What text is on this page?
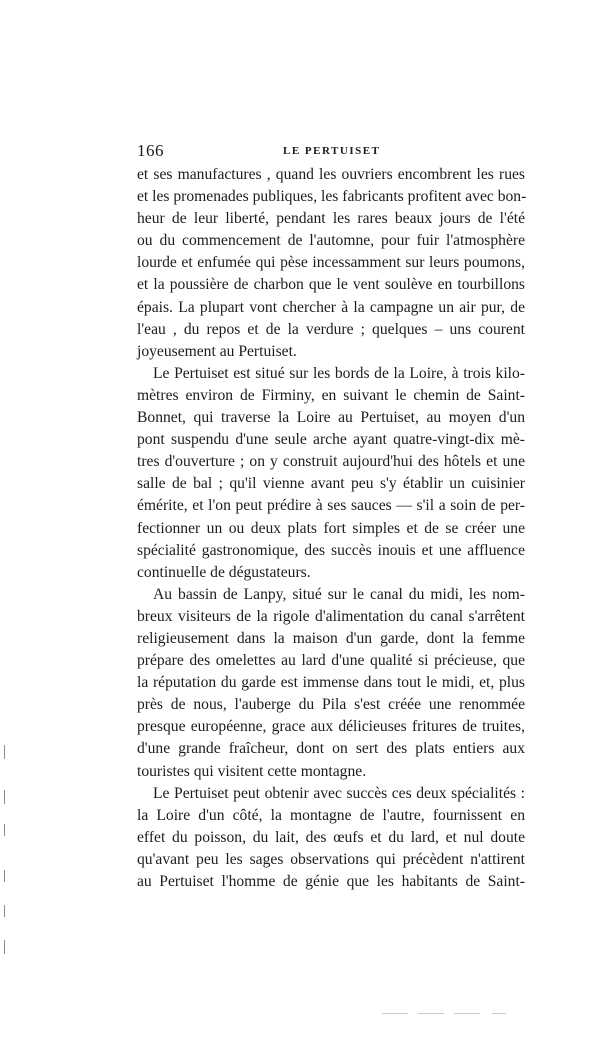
166	LE PERTUISET
et ses manufactures , quand les ouvriers encombrent les rues
et les promenades publiques, les fabricants profitent avec bon-
heur de leur liberté, pendant les rares beaux jours de l'été
ou du commencement de l'automne, pour fuir l'atmosphère
lourde et enfumée qui pèse incessamment sur leurs poumons,
et la poussière de charbon que le vent soulève en tourbillons
épais. La plupart vont chercher à la campagne un air pur, de
l'eau , du repos et de la verdure ; quelques – uns courent
joyeusement au Pertuiset.
Le Pertuiset est situé sur les bords de la Loire, à trois kilo-
mètres environ de Firminy, en suivant le chemin de Saint-
Bonnet, qui traverse la Loire au Pertuiset, au moyen d'un
pont suspendu d'une seule arche ayant quatre-vingt-dix mè-
tres d'ouverture ; on y construit aujourd'hui des hôtels et une
salle de bal ; qu'il vienne avant peu s'y établir un cuisinier
émérite, et l'on peut prédire à ses sauces — s'il a soin de per-
fectionner un ou deux plats fort simples et de se créer une
spécialité gastronomique, des succès inouis et une affluence
continuelle de dégustateurs.
Au bassin de Lanpy, situé sur le canal du midi, les nom-
breux visiteurs de la rigole d'alimentation du canal s'arrêtent
religieusement dans la maison d'un garde, dont la femme
prépare des omelettes au lard d'une qualité si précieuse, que
la réputation du garde est immense dans tout le midi, et, plus
près de nous, l'auberge du Pila s'est créée une renommée
presque européenne, grace aux délicieuses fritures de truites,
d'une grande fraîcheur, dont on sert des plats entiers aux
touristes qui visitent cette montagne.
Le Pertuiset peut obtenir avec succès ces deux spécialités :
la Loire d'un côté, la montagne de l'autre, fournissent en
effet du poisson, du lait, des œufs et du lard, et nul doute
qu'avant peu les sages observations qui précèdent n'attirent
au Pertuiset l'homme de génie que les habitants de Saint-
